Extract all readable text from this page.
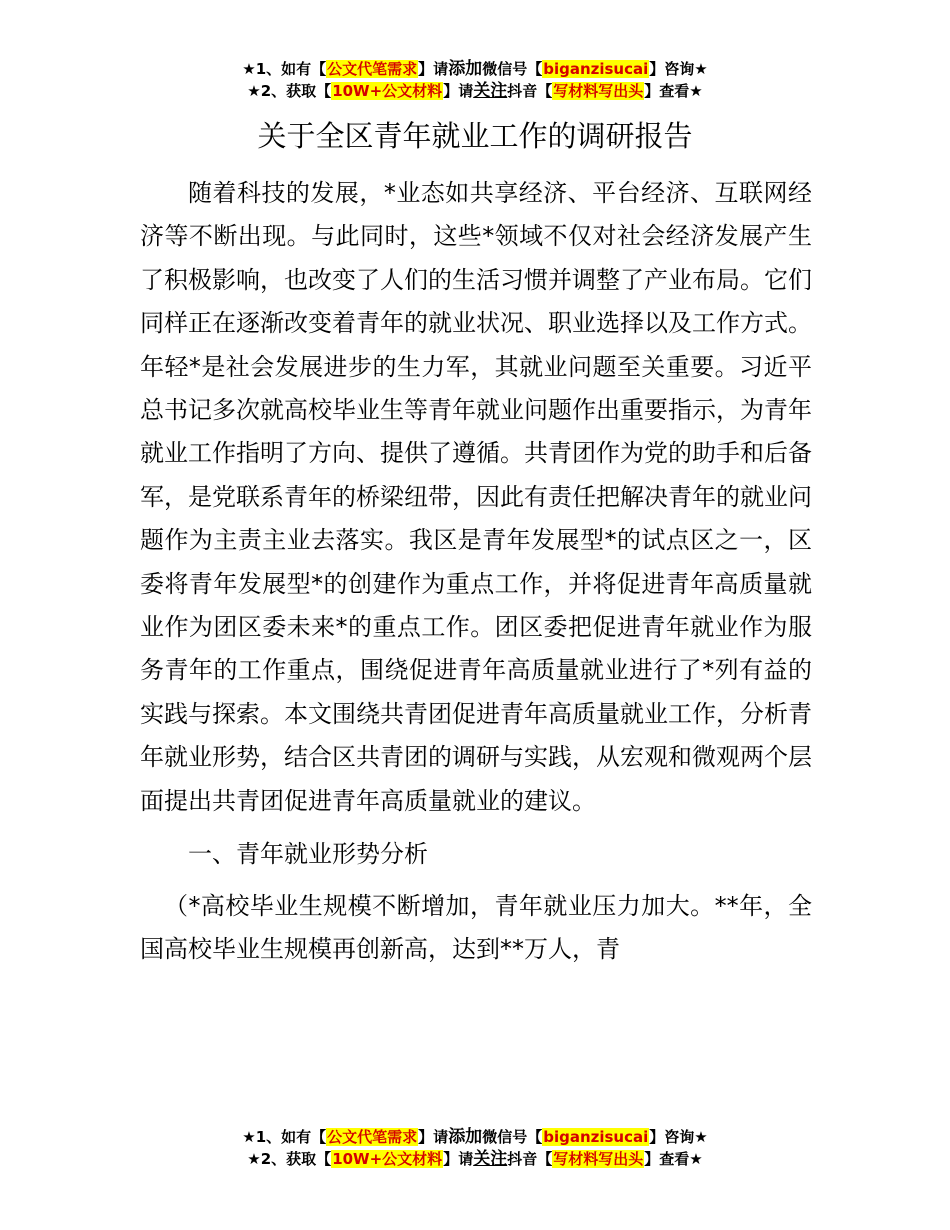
★1、如有【公文代笔需求】请添加微信号【biganzisucai】咨询★
★2、获取【10W+公文材料】请关注抖音【写材料写出头】查看★
关于全区青年就业工作的调研报告

随着科技的发展，*业态如共享经济、平台经济、互联网经济等不断出现。与此同时，这些*领域不仅对社会经济发展产生了积极影响，也改变了人们的生活习惯并调整了产业布局。它们同样正在逐渐改变着青年的就业状况、职业选择以及工作方式。年轻*是社会发展进步的生力军，其就业问题至关重要。习近平总书记多次就高校毕业生等青年就业问题作出重要指示，为青年就业工作指明了方向、提供了遵循。共青团作为党的助手和后备军，是党联系青年的桥梁纽带，因此有责任把解决青年的就业问题作为主责主业去落实。我区是青年发展型*的试点区之一，区委将青年发展型*的创建作为重点工作，并将促进青年高质量就业作为团区委未来*的重点工作。团区委把促进青年就业作为服务青年的工作重点，围绕促进青年高质量就业进行了*列有益的实践与探索。本文围绕共青团促进青年高质量就业工作，分析青年就业形势，结合区共青团的调研与实践，从宏观和微观两个层面提出共青团促进青年高质量就业的建议。

一、青年就业形势分析

（*高校毕业生规模不断增加，青年就业压力加大。**年，全国高校毕业生规模再创新高，达到**万人，青

★1、如有【公文代笔需求】请添加微信号【biganzisucai】咨询★
★2、获取【10W+公文材料】请关注抖音【写材料写出头】查看★
